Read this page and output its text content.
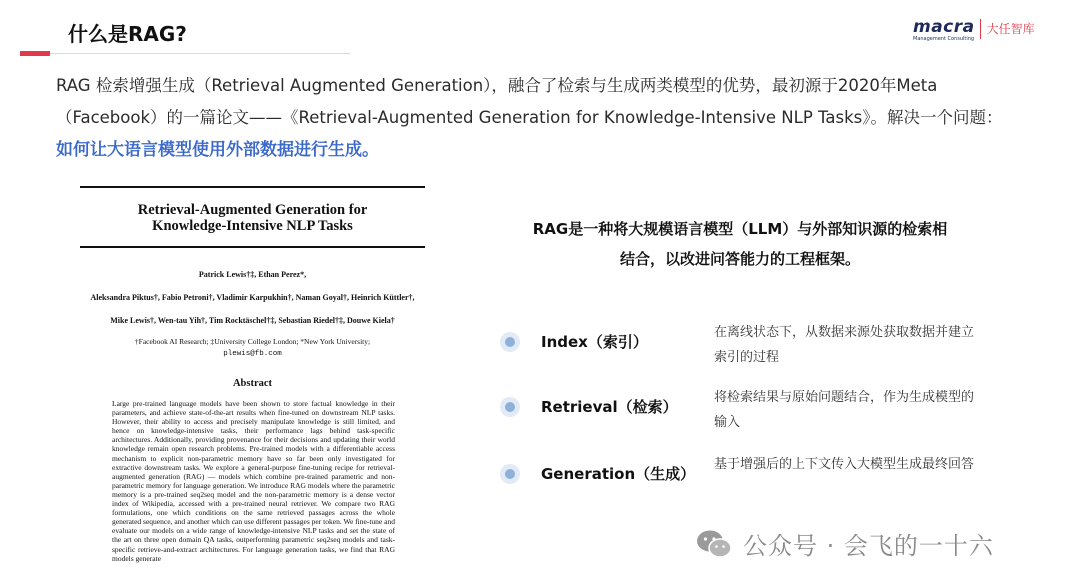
什么是RAG?	macra
Management Consulting
大任智库
RAG 检索增强生成（Retrieval Augmented Generation），融合了检索与生成两类模型的优势，最初源于2020年Meta
（Facebook）的一篇论文——《Retrieval-Augmented Generation for Knowledge-Intensive NLP Tasks》。解决一个问题：
如何让大语言模型使用外部数据进行生成。
Retrieval-Augmented Generation for
Knowledge-Intensive NLP Tasks
Patrick Lewis†‡, Ethan Perez*,
Aleksandra Piktus†, Fabio Petroni†, Vladimir Karpukhin†, Naman Goyal†, Heinrich Küttler†,
Mike Lewis†, Wen-tau Yih†, Tim Rocktäschel†‡, Sebastian Riedel†‡, Douwe Kiela†
†Facebook AI Research; ‡University College London; *New York University;
plewis@fb.com
Abstract
Large pre-trained language models have been shown to store factual knowledge in their parameters, and achieve state-of-the-art results when fine-tuned on downstream NLP tasks. However, their ability to access and precisely manipulate knowledge is still limited, and hence on knowledge-intensive tasks, their performance lags behind task-specific architectures. Additionally, providing provenance for their decisions and updating their world knowledge remain open research problems. Pre-trained models with a differentiable access mechanism to explicit non-parametric memory have so far been only investigated for extractive downstream tasks. We explore a general-purpose fine-tuning recipe for retrieval-augmented generation (RAG) — models which combine pre-trained parametric and non-parametric memory for language generation. We introduce RAG models where the parametric memory is a pre-trained seq2seq model and the non-parametric memory is a dense vector index of Wikipedia, accessed with a pre-trained neural retriever. We compare two RAG formulations, one which conditions on the same retrieved passages across the whole generated sequence, and another which can use different passages per token. We fine-tune and evaluate our models on a wide range of knowledge-intensive NLP tasks and set the state of the art on three open domain QA tasks, outperforming parametric seq2seq models and task-specific retrieve-and-extract architectures. For language generation tasks, we find that RAG models generate
RAG是一种将大规模语言模型（LLM）与外部知识源的检索相
结合，以改进问答能力的工程框架。
Index（索引）
在离线状态下，从数据来源处获取数据并建立索引的过程
Retrieval（检索）
将检索结果与原始问题结合，作为生成模型的输入
Generation（生成）
基于增强后的上下文传入大模型生成最终回答
公众号 · 会飞的一十六
